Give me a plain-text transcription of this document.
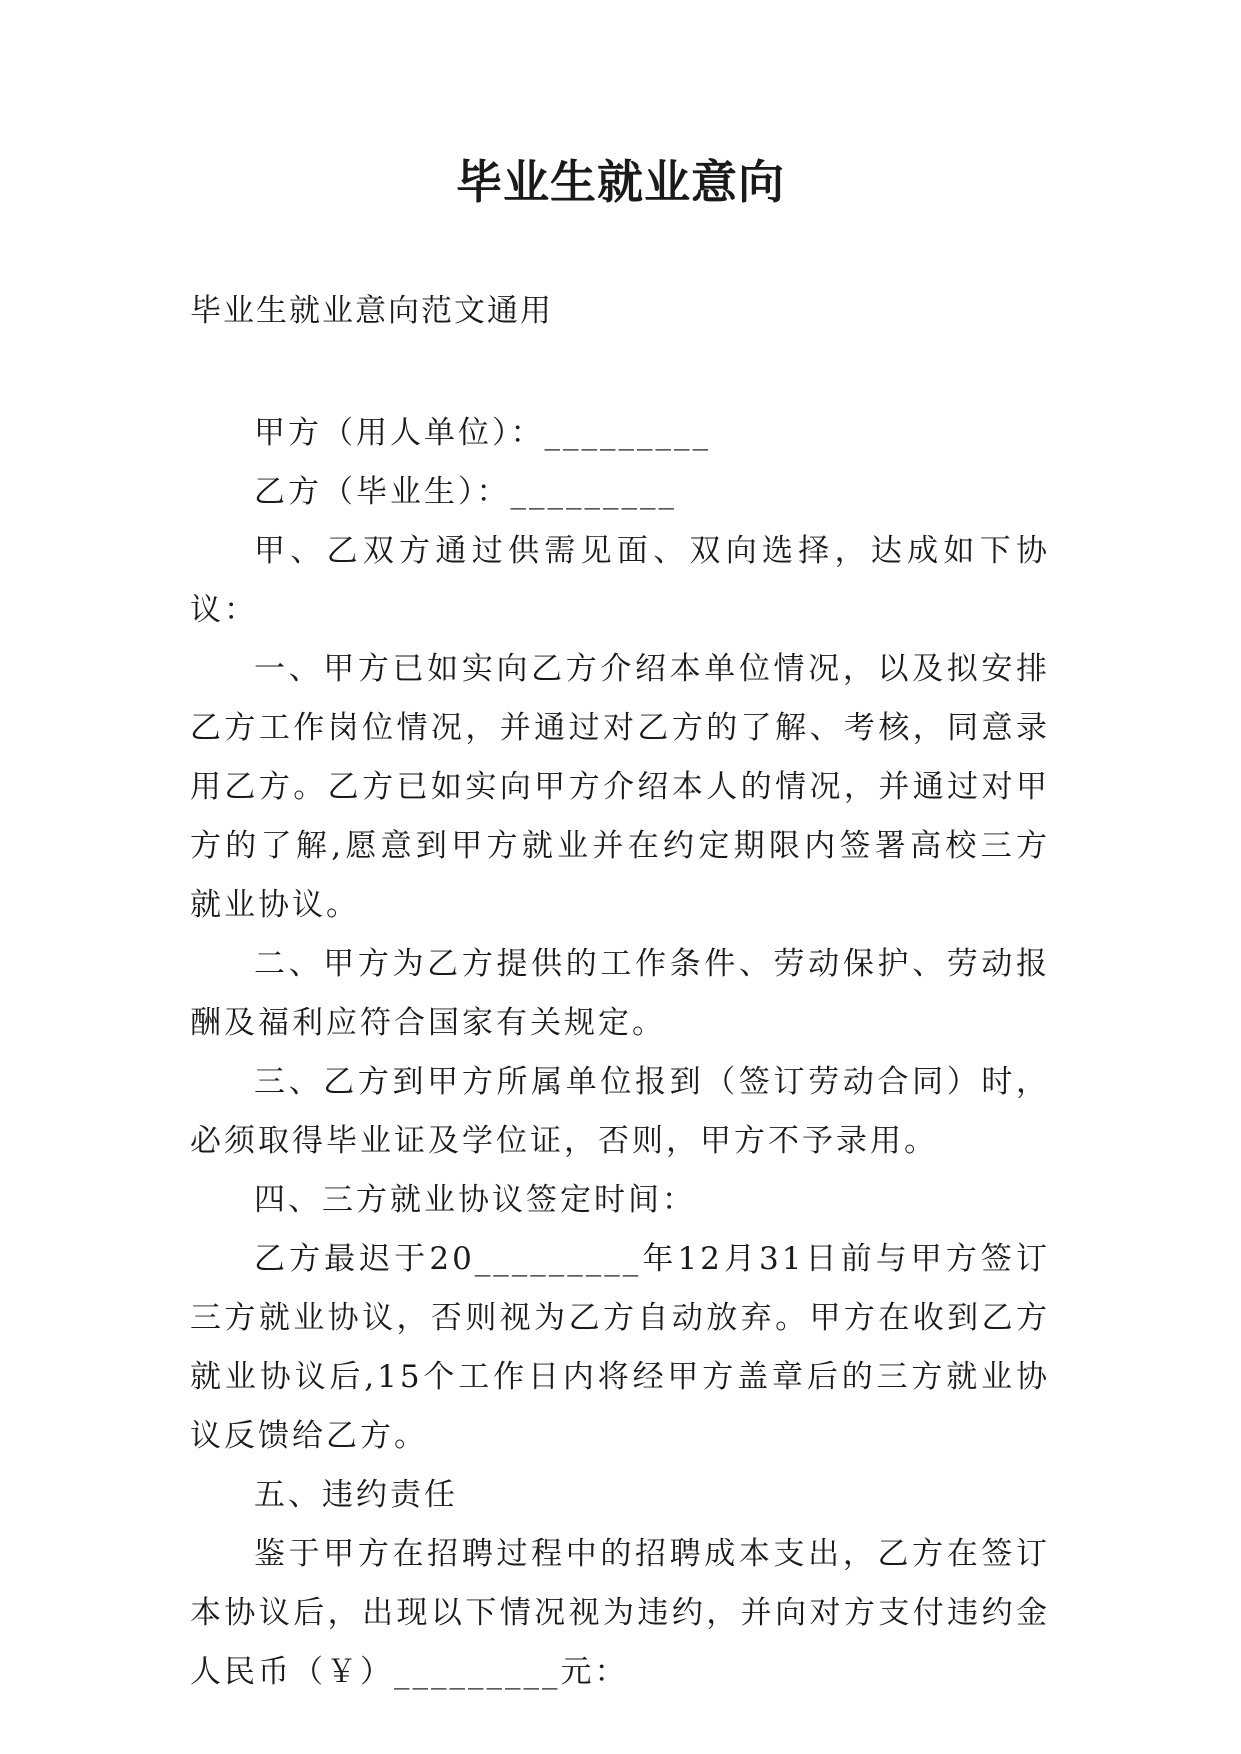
毕业生就业意向
毕业生就业意向范文通用

甲方（用人单位）：_________

乙方（毕业生）：_________

甲、乙双方通过供需见面、双向选择，达成如下协议：

一、甲方已如实向乙方介绍本单位情况，以及拟安排乙方工作岗位情况，并通过对乙方的了解、考核，同意录用乙方。乙方已如实向甲方介绍本人的情况，并通过对甲方的了解,愿意到甲方就业并在约定期限内签署高校三方就业协议。

二、甲方为乙方提供的工作条件、劳动保护、劳动报酬及福利应符合国家有关规定。

三、乙方到甲方所属单位报到（签订劳动合同）时，必须取得毕业证及学位证，否则，甲方不予录用。

四、三方就业协议签定时间：

乙方最迟于20_________年12月31日前与甲方签订三方就业协议，否则视为乙方自动放弃。甲方在收到乙方就业协议后,15个工作日内将经甲方盖章后的三方就业协议反馈给乙方。

五、违约责任

鉴于甲方在招聘过程中的招聘成本支出，乙方在签订本协议后，出现以下情况视为违约，并向对方支付违约金人民币（￥）_________元：
